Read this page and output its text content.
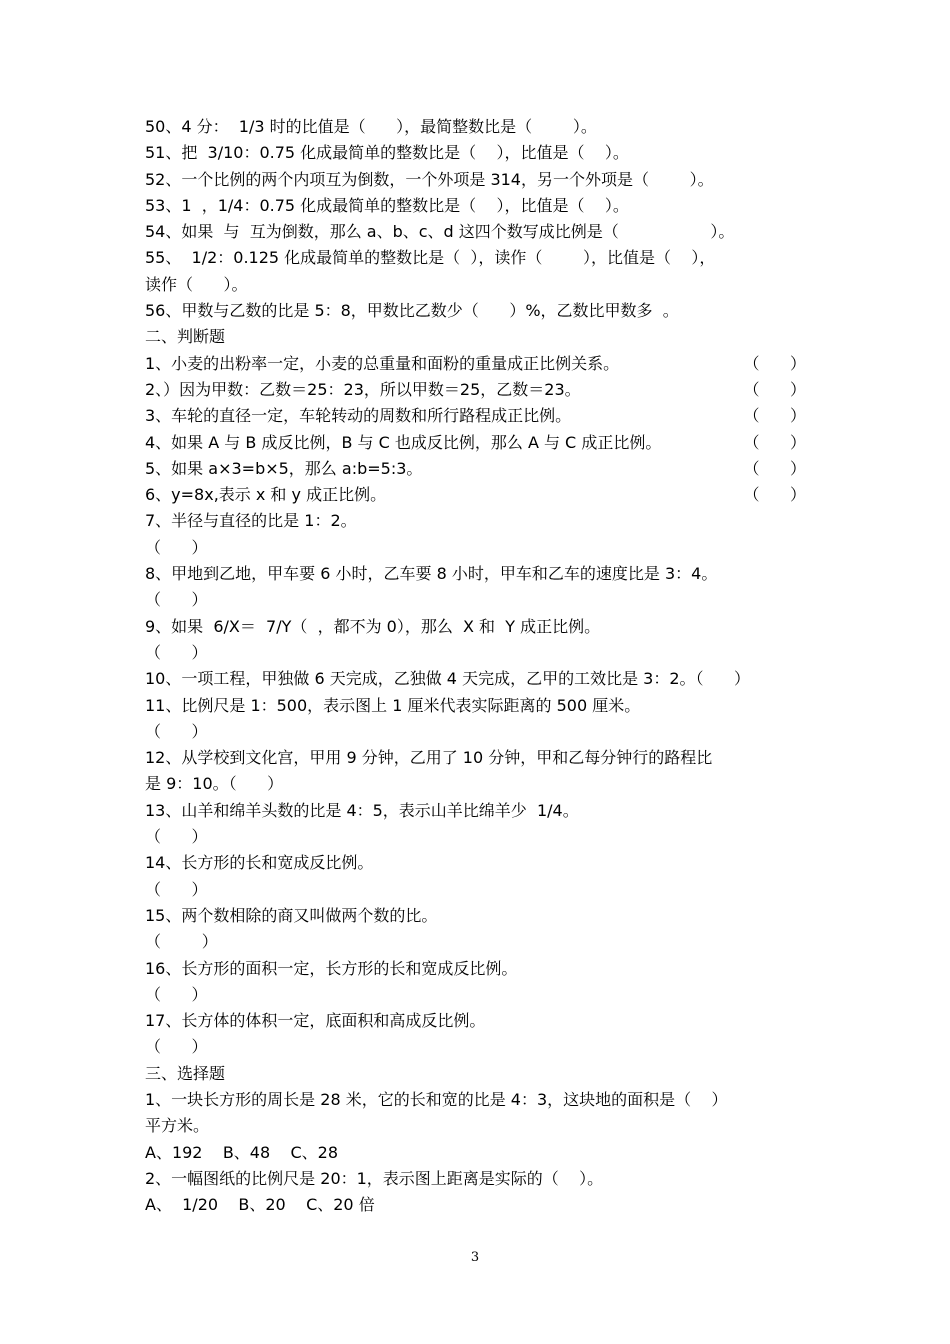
50、4 分：  1/3 时的比值是（      ），最简整数比是（        ）。
51、把  3/10：0.75 化成最简单的整数比是（    ），比值是（    ）。
52、一个比例的两个内项互为倒数，一个外项是 314，另一个外项是（        ）。
53、1  ，1/4：0.75 化成最简单的整数比是（    ），比值是（    ）。
54、如果  与  互为倒数，那么 a、b、c、d 这四个数写成比例是（                  ）。
55、  1/2：0.125 化成最简单的整数比是（  ），读作（        ），比值是（    ），
读作（      ）。
56、甲数与乙数的比是 5：8，甲数比乙数少（      ）%，乙数比甲数多  。
二、判断题
1、小麦的出粉率一定，小麦的总重量和面粉的重量成正比例关系。	（      ）
2、）因为甲数：乙数＝25：23，所以甲数＝25，乙数＝23。	（      ）
3、车轮的直径一定，车轮转动的周数和所行路程成正比例。	（      ）
4、如果 A 与 B 成反比例，B 与 C 也成反比例，那么 A 与 C 成正比例。	（      ）
5、如果 a×3=b×5，那么 a:b=5:3。	（      ）
6、y=8x,表示 x 和 y 成正比例。	（      ）
7、半径与直径的比是 1：2。
（      ）
8、甲地到乙地，甲车要 6 小时，乙车要 8 小时，甲车和乙车的速度比是 3：4。
（      ）
9、如果  6/X＝  7/Y（  ，都不为 0），那么  X 和  Y 成正比例。
（      ）
10、一项工程，甲独做 6 天完成，乙独做 4 天完成，乙甲的工效比是 3：2。（      ）
11、比例尺是 1：500，表示图上 1 厘米代表实际距离的 500 厘米。
（      ）
12、从学校到文化宫，甲用 9 分钟，乙用了 10 分钟，甲和乙每分钟行的路程比
是 9：10。（      ）
13、山羊和绵羊头数的比是 4：5，表示山羊比绵羊少  1/4。
（      ）
14、长方形的长和宽成反比例。
（      ）
15、两个数相除的商又叫做两个数的比。
（        ）
16、长方形的面积一定，长方形的长和宽成反比例。
（      ）
17、长方体的体积一定，底面积和高成反比例。
（      ）
三、选择题
1、一块长方形的周长是 28 米，它的长和宽的比是 4：3，这块地的面积是（    ）
平方米。
A、192    B、48    C、28
2、一幅图纸的比例尺是 20：1，表示图上距离是实际的（    ）。
A、  1/20    B、20    C、20 倍
3
